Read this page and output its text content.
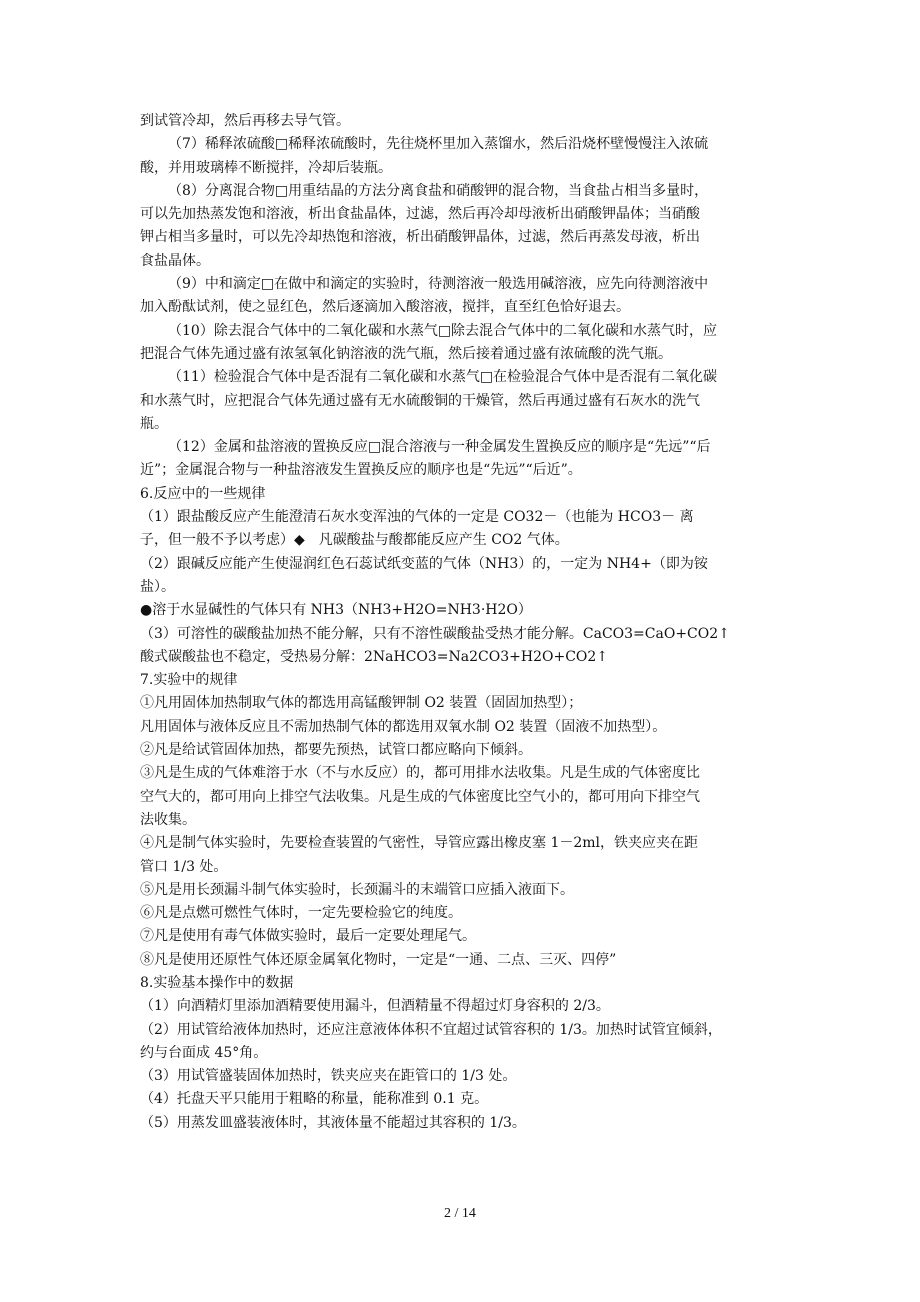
到试管冷却，然后再移去导气管。
（7）稀释浓硫酸□稀释浓硫酸时，先往烧杯里加入蒸馏水，然后沿烧杯壁慢慢注入浓硫
酸，并用玻璃棒不断搅拌，冷却后装瓶。
（8）分离混合物□用重结晶的方法分离食盐和硝酸钾的混合物，当食盐占相当多量时，
可以先加热蒸发饱和溶液，析出食盐晶体，过滤，然后再冷却母液析出硝酸钾晶体；当硝酸
钾占相当多量时，可以先冷却热饱和溶液，析出硝酸钾晶体，过滤，然后再蒸发母液，析出
食盐晶体。
（9）中和滴定□在做中和滴定的实验时，待测溶液一般选用碱溶液，应先向待测溶液中
加入酚酞试剂，使之显红色，然后逐滴加入酸溶液，搅拌，直至红色恰好退去。
（10）除去混合气体中的二氧化碳和水蒸气□除去混合气体中的二氧化碳和水蒸气时，应
把混合气体先通过盛有浓氢氧化钠溶液的洗气瓶，然后接着通过盛有浓硫酸的洗气瓶。
（11）检验混合气体中是否混有二氧化碳和水蒸气□在检验混合气体中是否混有二氧化碳
和水蒸气时，应把混合气体先通过盛有无水硫酸铜的干燥管，然后再通过盛有石灰水的洗气
瓶。
（12）金属和盐溶液的置换反应□混合溶液与一种金属发生置换反应的顺序是“先远”“后
近”；金属混合物与一种盐溶液发生置换反应的顺序也是“先远”“后近”。
6.反应中的一些规律
（1）跟盐酸反应产生能澄清石灰水变浑浊的气体的一定是 CO32－（也能为 HCO3－ 离
子，但一般不予以考虑）◆　凡碳酸盐与酸都能反应产生 CO2 气体。
（2）跟碱反应能产生使湿润红色石蕊试纸变蓝的气体（NH3）的，一定为 NH4+（即为铵
盐）。
●溶于水显碱性的气体只有 NH3（NH3+H2O=NH3·H2O）
（3）可溶性的碳酸盐加热不能分解，只有不溶性碳酸盐受热才能分解。CaCO3=CaO+CO2↑
酸式碳酸盐也不稳定，受热易分解：2NaHCO3=Na2CO3+H2O+CO2↑
7.实验中的规律
①凡用固体加热制取气体的都选用高锰酸钾制 O2 装置（固固加热型）；
凡用固体与液体反应且不需加热制气体的都选用双氧水制 O2 装置（固液不加热型）。
②凡是给试管固体加热，都要先预热，试管口都应略向下倾斜。
③凡是生成的气体难溶于水（不与水反应）的，都可用排水法收集。凡是生成的气体密度比
空气大的，都可用向上排空气法收集。凡是生成的气体密度比空气小的，都可用向下排空气
法收集。
④凡是制气体实验时，先要检查装置的气密性，导管应露出橡皮塞 1－2ml，铁夹应夹在距
管口 1/3 处。
⑤凡是用长颈漏斗制气体实验时，长颈漏斗的末端管口应插入液面下。
⑥凡是点燃可燃性气体时，一定先要检验它的纯度。
⑦凡是使用有毒气体做实验时，最后一定要处理尾气。
⑧凡是使用还原性气体还原金属氧化物时，一定是“一通、二点、三灭、四停”
8.实验基本操作中的数据
（1）向酒精灯里添加酒精要使用漏斗，但酒精量不得超过灯身容积的 2/3。
（2）用试管给液体加热时，还应注意液体体积不宜超过试管容积的 1/3。加热时试管宜倾斜，
约与台面成 45°角。
（3）用试管盛装固体加热时，铁夹应夹在距管口的 1/3 处。
（4）托盘天平只能用于粗略的称量，能称准到 0.1 克。
（5）用蒸发皿盛装液体时，其液体量不能超过其容积的 1/3。
2 / 14
